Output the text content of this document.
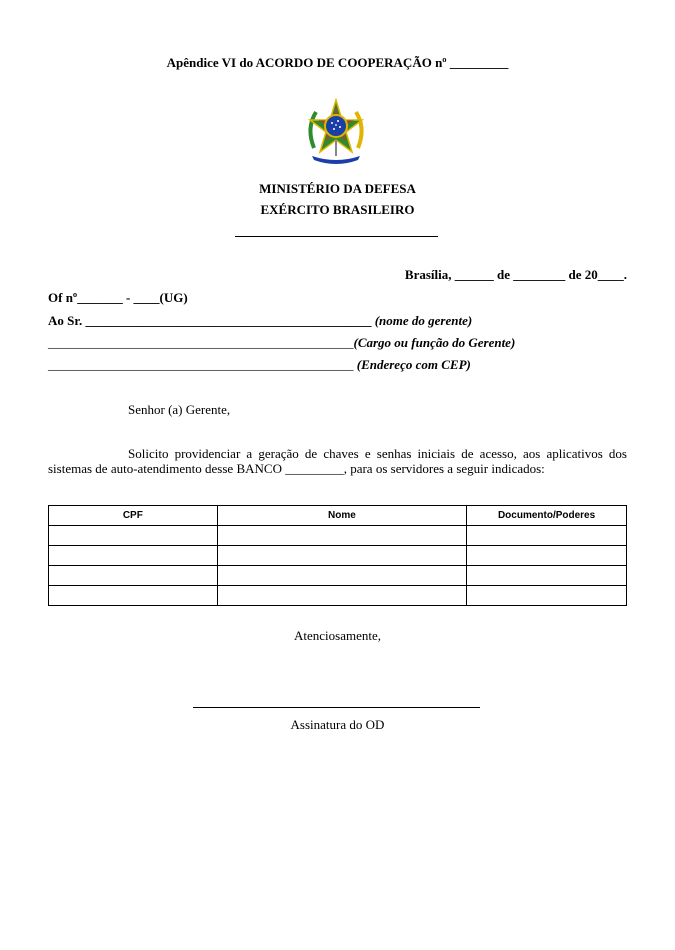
Apêndice VI do ACORDO DE COOPERAÇÃO nº _________
MINISTÉRIO DA DEFESA
EXÉRCITO BRASILEIRO
Brasília, ______ de ________ de 20____.
Of nº_______ - ____(UG)
Ao Sr. ____________________________________________ (nome do gerente)
_______________________________________________(Cargo ou função do Gerente)
_______________________________________________ (Endereço com CEP)
Senhor (a) Gerente,
Solicito providenciar a geração de chaves e senhas iniciais de acesso, aos aplicativos dos
sistemas de auto-atendimento desse BANCO _________, para os servidores a seguir indicados:
CPF	Nome	Documento/Poderes

Atenciosamente,
Assinatura do OD
